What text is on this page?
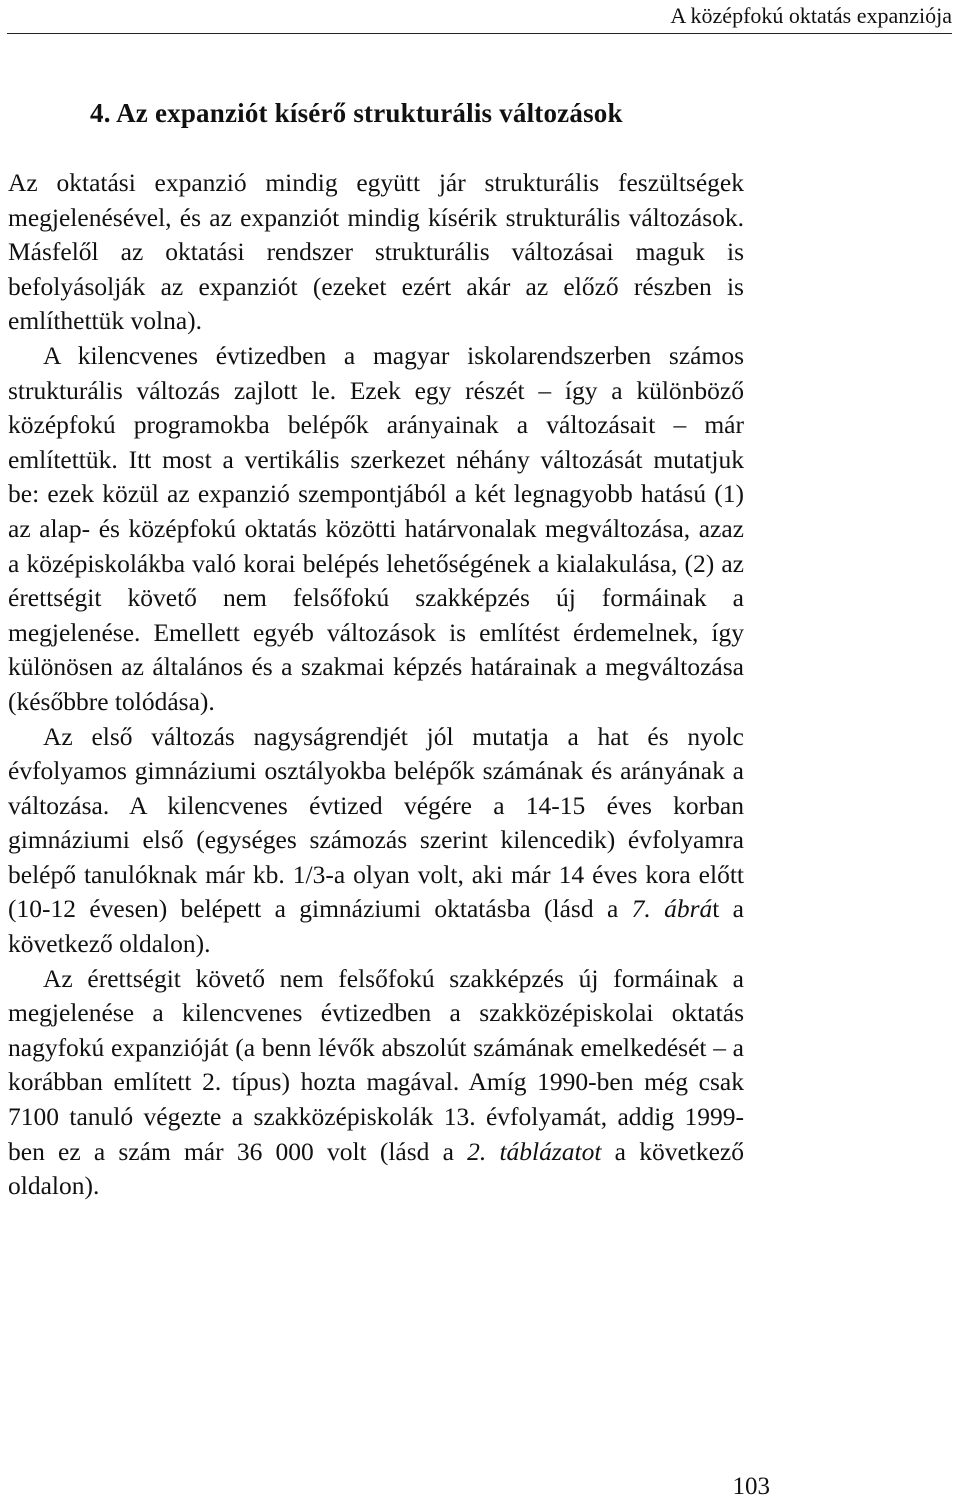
A középfokú oktatás expanziója
4. Az expanziót kísérő strukturális változások

Az oktatási expanzió mindig együtt jár strukturális feszültségek megjelenésével, és az expanziót mindig kísérik strukturális változások. Másfelől az oktatási rendszer strukturális változásai maguk is befolyásolják az expanziót (ezeket ezért akár az előző részben is említhettük volna).

A kilencvenes évtizedben a magyar iskolarendszerben számos strukturális változás zajlott le. Ezek egy részét – így a különböző középfokú programokba belépők arányainak a változásait – már említettük. Itt most a vertikális szerkezet néhány változását mutatjuk be: ezek közül az expanzió szempontjából a két legnagyobb hatású (1) az alap- és középfokú oktatás közötti határvonalak megváltozása, azaz a középiskolákba való korai belépés lehetőségének a kialakulása, (2) az érettségit követő nem felsőfokú szakképzés új formáinak a megjelenése. Emellett egyéb változások is említést érdemelnek, így különösen az általános és a szakmai képzés határainak a megváltozása (későbbre tolódása).

Az első változás nagyságrendjét jól mutatja a hat és nyolc évfolyamos gimnáziumi osztályokba belépők számának és arányának a változása. A kilencvenes évtized végére a 14-15 éves korban gimnáziumi első (egységes számozás szerint kilencedik) évfolyamra belépő tanulóknak már kb. 1/3-a olyan volt, aki már 14 éves kora előtt (10-12 évesen) belépett a gimnáziumi oktatásba (lásd a 7. ábrát a következő oldalon).

Az érettségit követő nem felsőfokú szakképzés új formáinak a megjelenése a kilencvenes évtizedben a szakközépiskolai oktatás nagyfokú expanzióját (a benn lévők abszolút számának emelkedését – a korábban említett 2. típus) hozta magával. Amíg 1990-ben még csak 7100 tanuló végezte a szakközépiskolák 13. évfolyamát, addig 1999-ben ez a szám már 36 000 volt (lásd a 2. táblázatot a következő oldalon).

103
